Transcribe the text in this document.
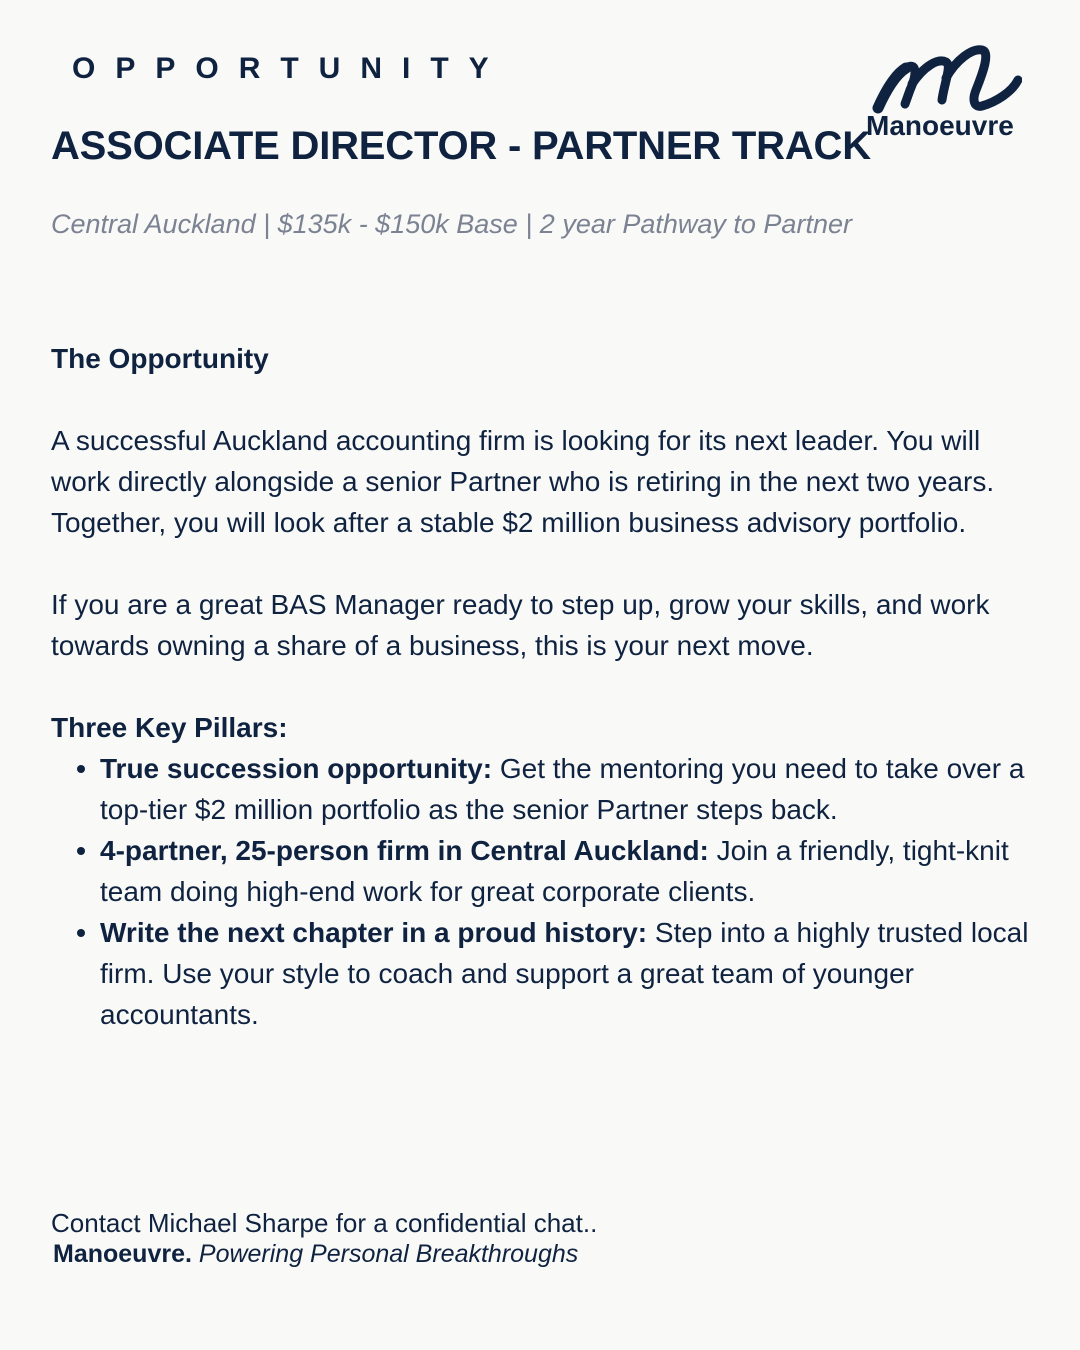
OPPORTUNITY
Manoeuvre
ASSOCIATE DIRECTOR - PARTNER TRACK
Central Auckland | $135k - $150k Base | 2 year Pathway to Partner
The Opportunity

A successful Auckland accounting firm is looking for its next leader. You will work directly alongside a senior Partner who is retiring in the next two years. Together, you will look after a stable $2 million business advisory portfolio.

If you are a great BAS Manager ready to step up, grow your skills, and work towards owning a share of a business, this is your next move.

Three Key Pillars:
True succession opportunity: Get the mentoring you need to take over a top-tier $2 million portfolio as the senior Partner steps back.
4-partner, 25-person firm in Central Auckland: Join a friendly, tight-knit team doing high-end work for great corporate clients.
Write the next chapter in a proud history: Step into a highly trusted local firm. Use your style to coach and support a great team of younger accountants.
Contact Michael Sharpe for a confidential chat..
Manoeuvre. Powering Personal Breakthroughs
